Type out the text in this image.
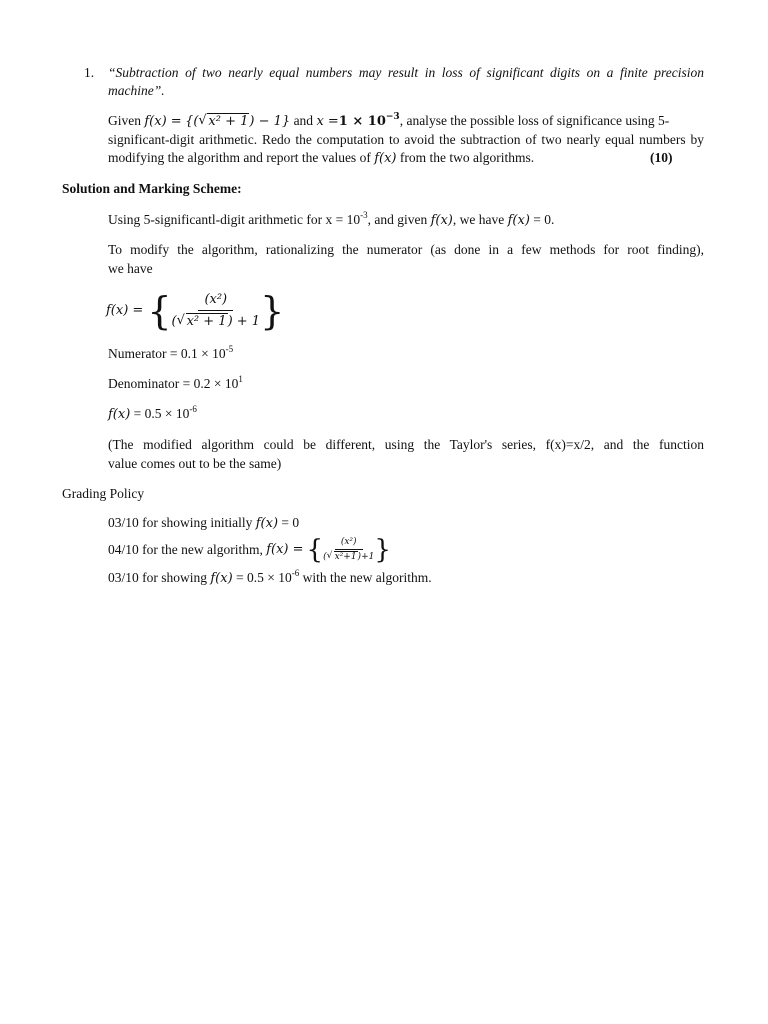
1. “Subtraction of two nearly equal numbers may result in loss of significant digits on a finite precision
machine”.
Given f(x) = {( √ x² + 1) − 1} and $x =1 \times 10^{-3}$, analyse the possible loss of significance using 5-
significant-digit arithmetic. Redo the computation to avoid the subtraction of two nearly equal numbers by
modifying the algorithm and report the values of f(x) from the two algorithms.	(10)
Solution and Marking Scheme:
Using 5-significantl-digit arithmetic for $x = 10^{-3}$, and given f(x), we have f(x) = 0.
To modify the algorithm, rationalizing the numerator (as done in a few methods for root finding),
we have
f(x) = { $\frac{\text{(x²)}}{\text{( √ x² + 1) + 1}}$ }
Numerator = $0.1 \times 10^{-5}$
Denominator = $0.2 \times 10^1$
$f(x) = 0.5 \times 10^{-6}$
(The modified algorithm could be different, using the Taylor's series, f(x)=x/2, and the function
value comes out to be the same)
Grading Policy
03/10 for showing initially f(x) = 0
04/10 for the new algorithm,
f(x) = { $\frac{\text{(x²)}}{\text{( √ x²+1)+1}}$ }
03/10 for showing $f(x) = 0.5 \times 10^{-6}$ with the new algorithm.
